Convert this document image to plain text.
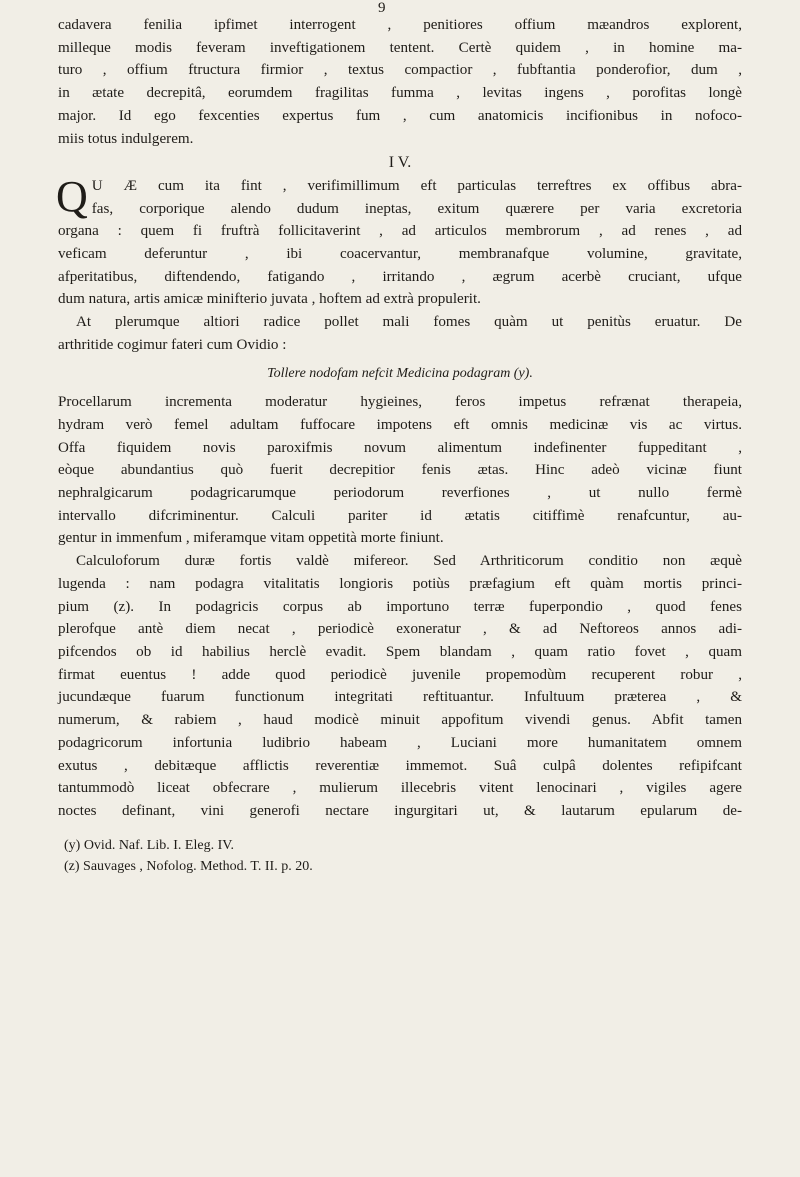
9
cadavera fenilia ipfimet interrogent , penitiores offium mæandros explorent,
milleque modis feveram inveftigationem tentent. Certè quidem , in homine ma-
turo , offium ftructura firmior , textus compactior , fubftantia ponderofior, dum ,
in ætate decrepitâ, eorumdem fragilitas fumma , levitas ingens , porofitas longè
major. Id ego fexcenties expertus fum , cum anatomicis incifionibus in nofoco-
miis totus indulgerem.
I V.
Q U Æ cum ita fint , verifimillimum eft particulas terreftres ex offibus abra-
fas, corporique alendo dudum ineptas, exitum quærere per varia excretoria
organa : quem fi fruftrà follicitaverint , ad articulos membrorum , ad renes , ad
veficam deferuntur , ibi coacervantur, membranafque volumine, gravitate,
afperitatibus, diftendendo, fatigando , irritando , ægrum acerbè cruciant, ufque
dum natura, artis amicæ minifterio juvata , hoftem ad extrà propulerit.
At plerumque altiori radice pollet mali fomes quàm ut penitùs eruatur. De
arthritide cogimur fateri cum Ovidio :
Tollere nodofam nefcit Medicina podagram (y).
Procellarum incrementa moderatur hygieines, feros impetus refrænat therapeia,
hydram verò femel adultam fuffocare impotens eft omnis medicinæ vis ac virtus.
Offa fiquidem novis paroxifmis novum alimentum indefinenter fuppeditant ,
eòque abundantius quò fuerit decrepitior fenis ætas. Hinc adeò vicinæ fiunt
nephralgicarum podagricarumque periodorum reverfiones , ut nullo fermè
intervallo difcriminentur. Calculi pariter id ætatis citiffimè renafcuntur, au-
gentur in immenfum , miferamque vitam oppetità morte finiunt.
Calculoforum duræ fortis valdè mifereor. Sed Arthriticorum conditio non æquè
lugenda : nam podagra vitalitatis longioris potiùs præfagium eft quàm mortis princi-
pium (z). In podagricis corpus ab importuno terræ fuperpondio , quod fenes
plerofque antè diem necat , periodicè exoneratur , & ad Neftoreos annos adi-
pifcendos ob id habilius herclè evadit. Spem blandam , quam ratio fovet , quam
firmat euentus ! adde quod periodicè juvenile propemodùm recuperent robur ,
jucundæque fuarum functionum integritati reftituantur. Infultuum præterea , &
numerum, & rabiem , haud modicè minuit appofitum vivendi genus. Abfit tamen
podagricorum infortunia ludibrio habeam , Luciani more humanitatem omnem
exutus , debitæque afflictis reverentiæ immemot. Suâ culpâ dolentes refipifcant
tantummodò liceat obfecrare , mulierum illecebris vitent lenocinari , vigiles agere
noctes definant, vini generofi nectare ingurgitari ut, & lautarum epularum de-
(y) Ovid. Naf. Lib. I. Eleg. IV.
(z) Sauvages , Nofolog. Method. T. II. p. 20.
